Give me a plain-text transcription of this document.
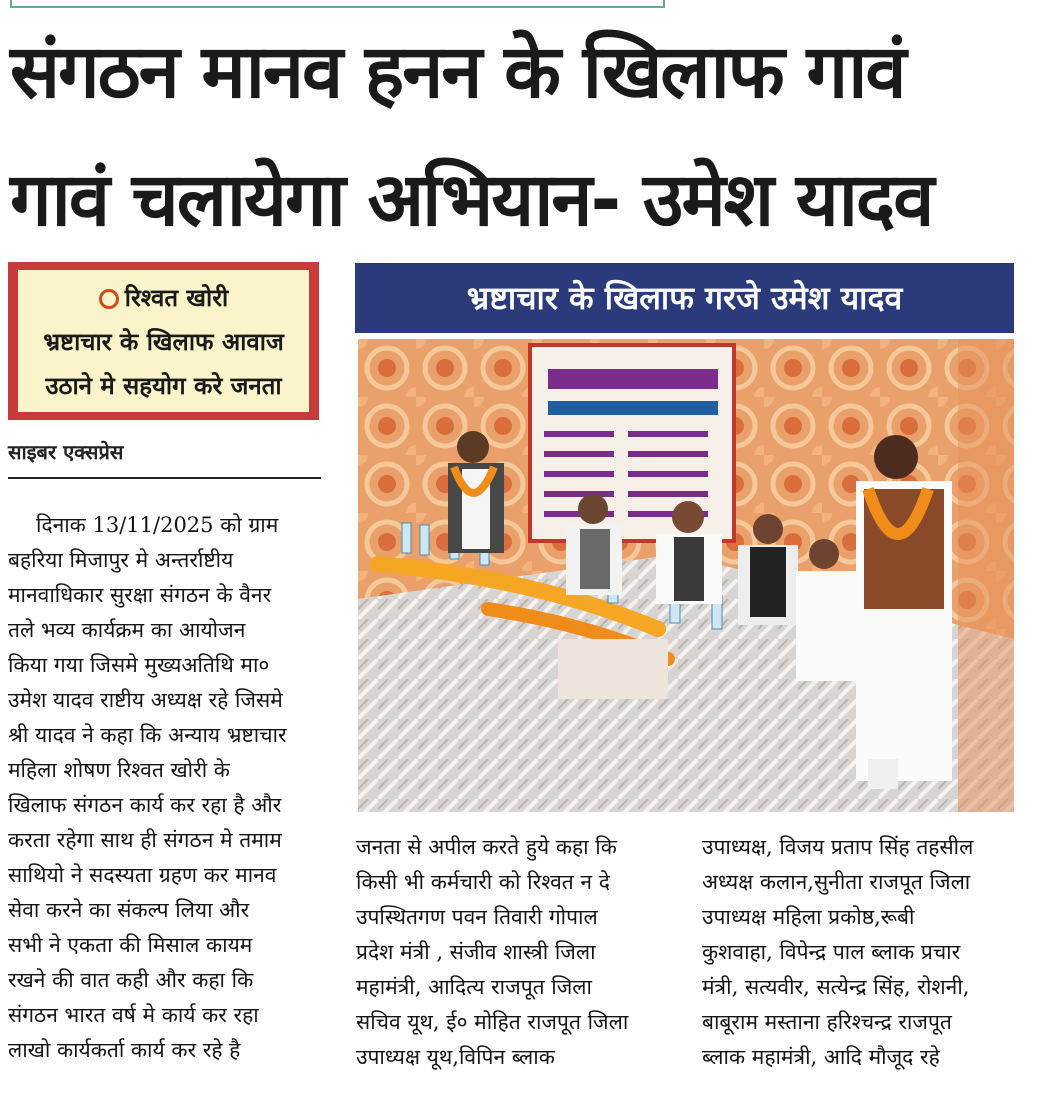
संगठन मानव हनन के खिलाफ गावं
गावं चलायेगा अभियान- उमेश यादव
रिश्वत खोरी
भ्रष्टाचार के खिलाफ आवाज
उठाने मे सहयोग करे जनता
साइबर एक्सप्रेस

दिनाक 13/11/2025 को ग्राम

बहरिया मिजापुर मे अन्तर्राष्टीय

मानवाधिकार सुरक्षा संगठन के वैनर

तले भव्य कार्यक्रम का आयोजन

किया गया जिसमे मुख्यअतिथि मा०

उमेश यादव राष्टीय अध्यक्ष रहे जिसमे

श्री यादव ने कहा कि अन्याय भ्रष्टाचार

महिला शोषण रिश्वत खोरी के

खिलाफ संगठन कार्य कर रहा है और

करता रहेगा साथ ही संगठन मे तमाम

साथियो ने सदस्यता ग्रहण कर मानव

सेवा करने का संकल्प लिया और

सभी ने एकता की मिसाल कायम

रखने की वात कही और कहा कि

संगठन भारत वर्ष मे कार्य कर रहा

लाखो कार्यकर्ता कार्य कर रहे है

भ्रष्टाचार के खिलाफ गरजे उमेश यादव

जनता से अपील करते हुये कहा कि

किसी भी कर्मचारी को रिश्वत न दे

उपस्थितगण पवन तिवारी गोपाल

प्रदेश मंत्री , संजीव शास्त्री जिला

महामंत्री, आदित्य राजपूत जिला

सचिव यूथ, ई० मोहित राजपूत जिला

उपाध्यक्ष यूथ,विपिन ब्लाक

उपाध्यक्ष, विजय प्रताप सिंह तहसील

अध्यक्ष कलान,सुनीता राजपूत जिला

उपाध्यक्ष महिला प्रकोष्ठ,रूबी

कुशवाहा, विपेन्द्र पाल ब्लाक प्रचार

मंत्री, सत्यवीर, सत्येन्द्र सिंह, रोशनी,

बाबूराम मस्ताना हरिश्चन्द्र राजपूत

ब्लाक महामंत्री, आदि मौजूद रहे
